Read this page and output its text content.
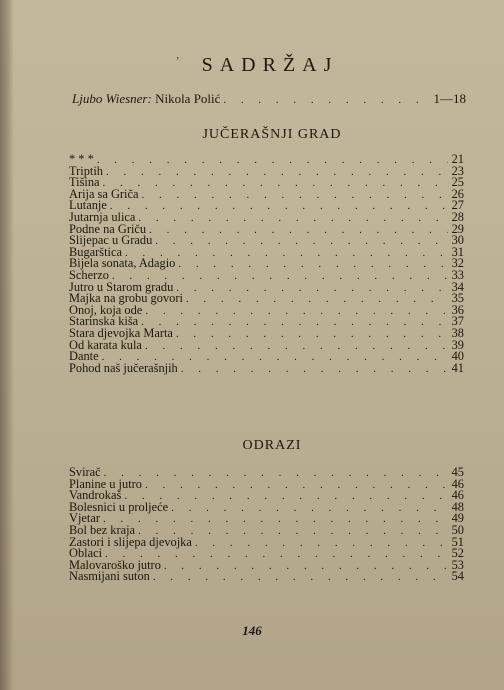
’	SADRŽAJ
Ljubo Wiesner:
Nikola Polić . . .	1—18
JUČERAŠNJI GRAD
* * * . . .	21
Triptih . . .	23
Tišina . . .	25
Arija sa Griča . . .	26
Lutanje . . .	27
Jutarnja ulica . . .	28
Podne na Griču . . .	29
Slijepac u Gradu . . .	30
Bugarštica . . .	31
Bijela sonata, Adagio . . .	32
Scherzo . . .	33
Jutro u Starom gradu . . .	34
Majka na grobu govori . . .	35
Onoj, koja ode . . .	36
Starinska kiša . . .	37
Stara djevojka Marta . . .	38
Od karata kula . . .	39
Dante . . .	40
Pohod naš jučerašnjih . . .	41
ODRAZI
Svirač . . .	45
Planine u jutro . . .	46
Vandrokaš . . .	46
Bolesnici u proljeće . . .	48
Vjetar . . .	49
Bol bez kraja . . .	50
Zastori i slijepa djevojka . . .	51
Oblaci . . .	52
Malovaroško jutro . . .	53
Nasmijani suton . . .	54
146
